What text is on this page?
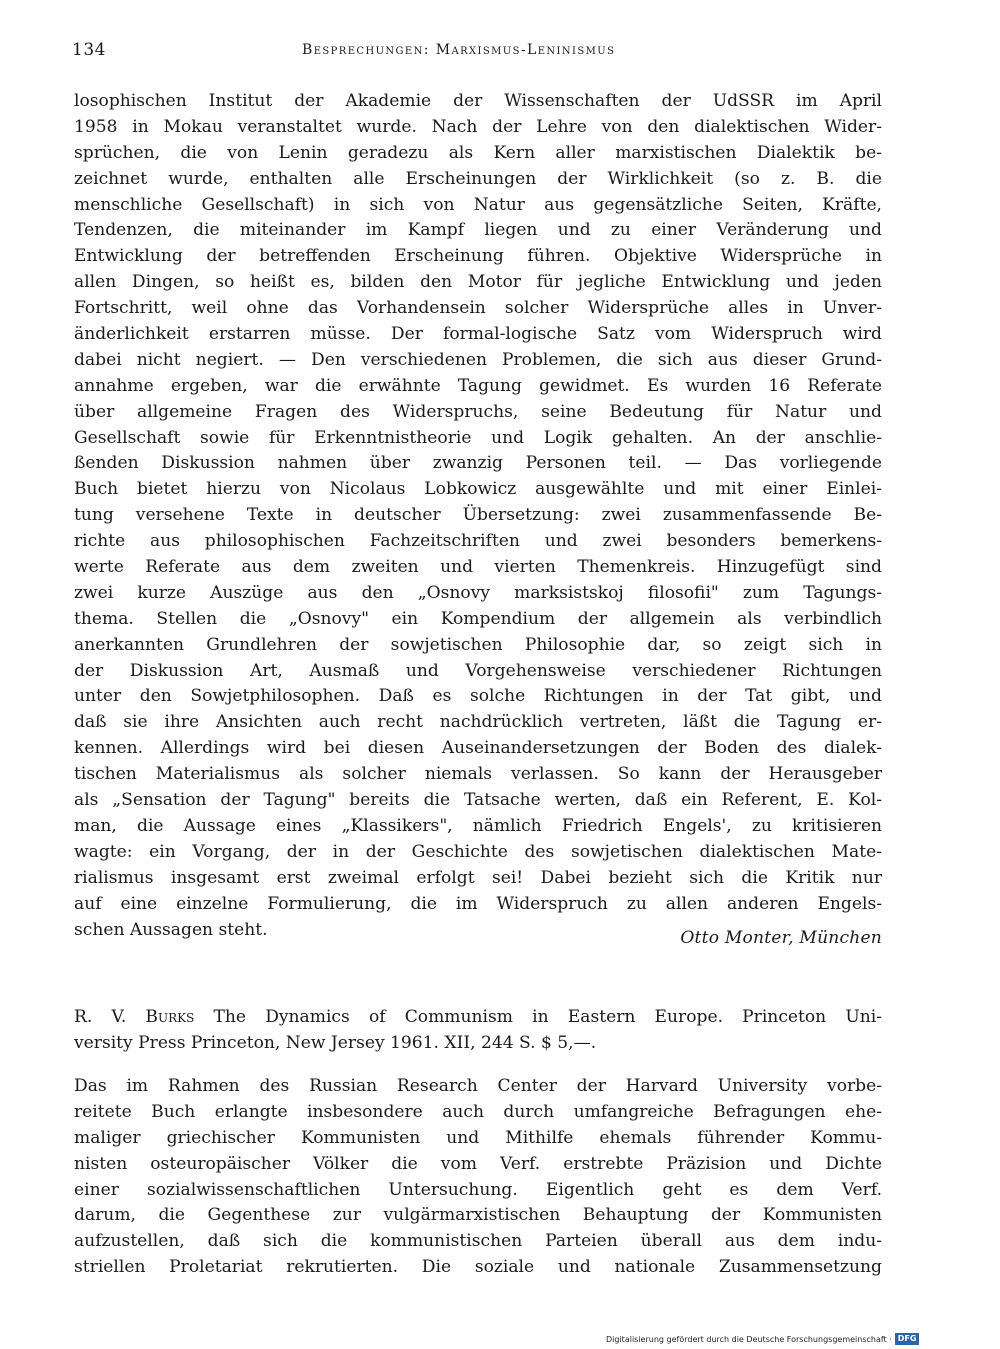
134	Besprechungen: Marxismus-Leninismus
losophischen Institut der Akademie der Wissenschaften der UdSSR im April
1958 in Mokau veranstaltet wurde. Nach der Lehre von den dialektischen Wider-
sprüchen, die von Lenin geradezu als Kern aller marxistischen Dialektik be-
zeichnet wurde, enthalten alle Erscheinungen der Wirklichkeit (so z. B. die
menschliche Gesellschaft) in sich von Natur aus gegensätzliche Seiten, Kräfte,
Tendenzen, die miteinander im Kampf liegen und zu einer Veränderung und
Entwicklung der betreffenden Erscheinung führen. Objektive Widersprüche in
allen Dingen, so heißt es, bilden den Motor für jegliche Entwicklung und jeden
Fortschritt, weil ohne das Vorhandensein solcher Widersprüche alles in Unver-
änderlichkeit erstarren müsse. Der formal-logische Satz vom Widerspruch wird
dabei nicht negiert. — Den verschiedenen Problemen, die sich aus dieser Grund-
annahme ergeben, war die erwähnte Tagung gewidmet. Es wurden 16 Referate
über allgemeine Fragen des Widerspruchs, seine Bedeutung für Natur und
Gesellschaft sowie für Erkenntnistheorie und Logik gehalten. An der anschlie-
ßenden Diskussion nahmen über zwanzig Personen teil. — Das vorliegende
Buch bietet hierzu von Nicolaus Lobkowicz ausgewählte und mit einer Einlei-
tung versehene Texte in deutscher Übersetzung: zwei zusammenfassende Be-
richte aus philosophischen Fachzeitschriften und zwei besonders bemerkens-
werte Referate aus dem zweiten und vierten Themenkreis. Hinzugefügt sind
zwei kurze Auszüge aus den „Osnovy marksistskoj filosofii" zum Tagungs-
thema. Stellen die „Osnovy" ein Kompendium der allgemein als verbindlich
anerkannten Grundlehren der sowjetischen Philosophie dar, so zeigt sich in
der Diskussion Art, Ausmaß und Vorgehensweise verschiedener Richtungen
unter den Sowjetphilosophen. Daß es solche Richtungen in der Tat gibt, und
daß sie ihre Ansichten auch recht nachdrücklich vertreten, läßt die Tagung er-
kennen. Allerdings wird bei diesen Auseinandersetzungen der Boden des dialek-
tischen Materialismus als solcher niemals verlassen. So kann der Herausgeber
als „Sensation der Tagung" bereits die Tatsache werten, daß ein Referent, E. Kol-
man, die Aussage eines „Klassikers", nämlich Friedrich Engels', zu kritisieren
wagte: ein Vorgang, der in der Geschichte des sowjetischen dialektischen Mate-
rialismus insgesamt erst zweimal erfolgt sei! Dabei bezieht sich die Kritik nur
auf eine einzelne Formulierung, die im Widerspruch zu allen anderen Engels-
schen Aussagen steht.	Otto Monter, München
R. V. Burks The Dynamics of Communism in Eastern Europe. Princeton Uni-
versity Press Princeton, New Jersey 1961. XII, 244 S. $ 5,—.
Das im Rahmen des Russian Research Center der Harvard University vorbe-
reitete Buch erlangte insbesondere auch durch umfangreiche Befragungen ehe-
maliger griechischer Kommunisten und Mithilfe ehemals führender Kommu-
nisten osteuropäischer Völker die vom Verf. erstrebte Präzision und Dichte
einer sozialwissenschaftlichen Untersuchung. Eigentlich geht es dem Verf.
darum, die Gegenthese zur vulgärmarxistischen Behauptung der Kommunisten
aufzustellen, daß sich die kommunistischen Parteien überall aus dem indu-
striellen Proletariat rekrutierten. Die soziale und nationale Zusammensetzung
Digitalisierung gefördert durch die Deutsche Forschungsgemeinschaft · DFG
